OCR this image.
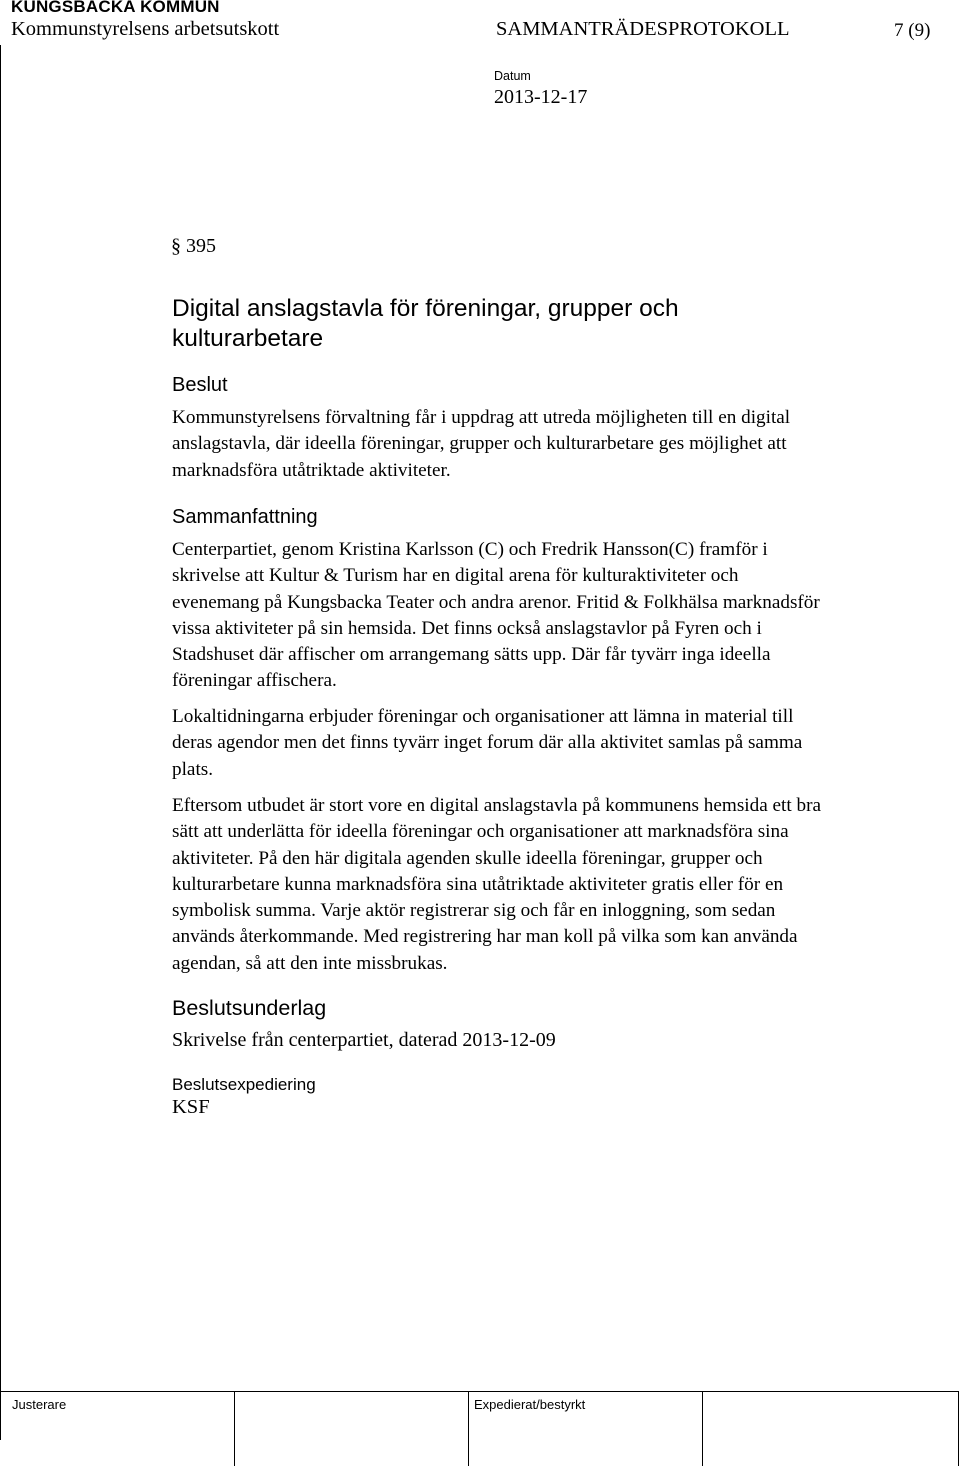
KUNGSBACKA KOMMUN
Kommunstyrelsens arbetsutskott	SAMMANTRÄDESPROTOKOLL	7 (9)
Datum
2013-12-17
§ 395
Digital anslagstavla för föreningar, grupper och
kulturarbetare
Beslut
Kommunstyrelsens förvaltning får i uppdrag att utreda möjligheten till en digital
anslagstavla, där ideella föreningar, grupper och kulturarbetare ges möjlighet att
marknadsföra utåtriktade aktiviteter.
Sammanfattning
Centerpartiet, genom Kristina Karlsson (C) och Fredrik Hansson(C) framför i
skrivelse att Kultur & Turism har en digital arena för kulturaktiviteter och
evenemang på Kungsbacka Teater och andra arenor. Fritid & Folkhälsa marknadsför
vissa aktiviteter på sin hemsida. Det finns också anslagstavlor på Fyren och i
Stadshuset där affischer om arrangemang sätts upp. Där får tyvärr inga ideella
föreningar affischera.
Lokaltidningarna erbjuder föreningar och organisationer att lämna in material till
deras agendor men det finns tyvärr inget forum där alla aktivitet samlas på samma
plats.
Eftersom utbudet är stort vore en digital anslagstavla på kommunens hemsida ett bra
sätt att underlätta för ideella föreningar och organisationer att marknadsföra sina
aktiviteter. På den här digitala agenden skulle ideella föreningar, grupper och
kulturarbetare kunna marknadsföra sina utåtriktade aktiviteter gratis eller för en
symbolisk summa. Varje aktör registrerar sig och får en inloggning, som sedan
används återkommande. Med registrering har man koll på vilka som kan använda
agendan, så att den inte missbrukas.
Beslutsunderlag
Skrivelse från centerpartiet, daterad 2013-12-09
Beslutsexpediering
KSF
Justerare	Expedierat/bestyrkt
